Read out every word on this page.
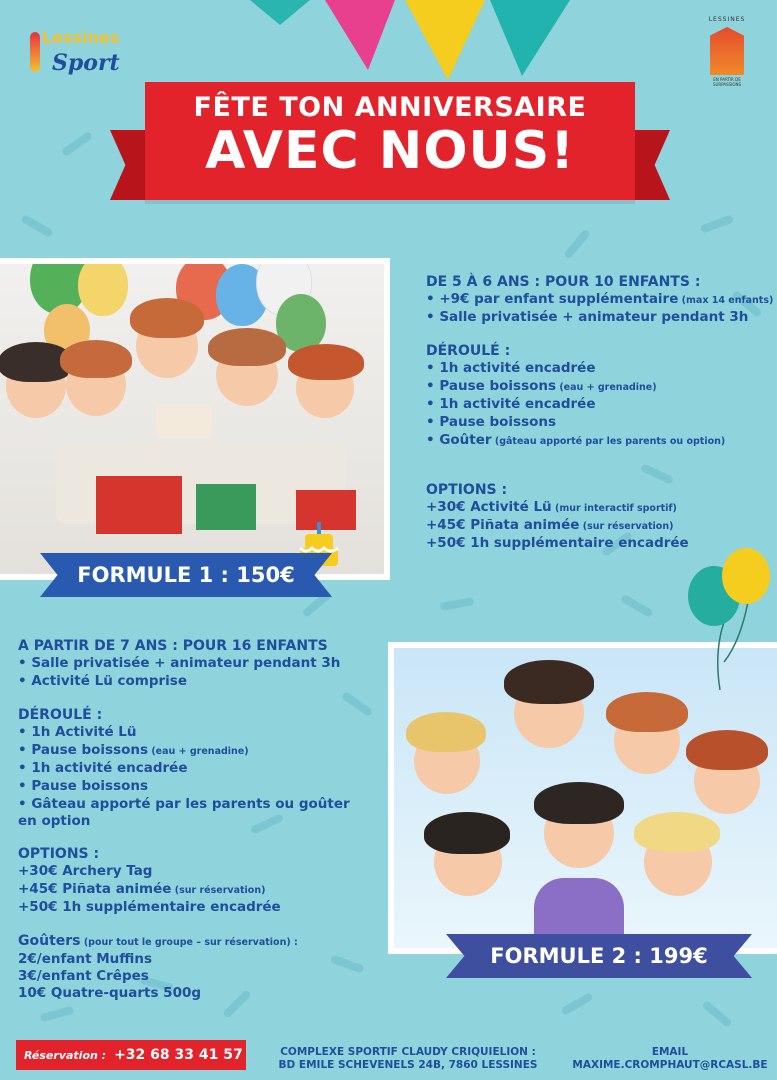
Lessines
Sport
LESSINES
EN PARTIR DE SURPASSIONS
FÊTE TON ANNIVERSAIRE
AVEC NOUS!
FORMULE 1 : 150€
FORMULE 2 : 199€
DE 5 À 6 ANS : POUR 10 ENFANTS :
• +9€ par enfant supplémentaire (max 14 enfants)
• Salle privatisée + animateur pendant 3h
DÉROULÉ :
• 1h activité encadrée
• Pause boissons (eau + grenadine)
• 1h activité encadrée
• Pause boissons
• Goûter (gâteau apporté par les parents ou option)
OPTIONS :
+30€ Activité Lü (mur interactif sportif)
+45€ Piñata animée (sur réservation)
+50€ 1h supplémentaire encadrée
A PARTIR DE 7 ANS : POUR 16 ENFANTS
• Salle privatisée + animateur pendant 3h
• Activité Lü comprise
DÉROULÉ :
• 1h Activité Lü
• Pause boissons (eau + grenadine)
• 1h activité encadrée
• Pause boissons
• Gâteau apporté par les parents ou goûter en option
OPTIONS :
+30€ Archery Tag
+45€ Piñata animée (sur réservation)
+50€ 1h supplémentaire encadrée
Goûters (pour tout le groupe – sur réservation) :
2€/enfant Muffins
3€/enfant Crêpes
10€ Quatre-quarts 500g
Réservation : +32 68 33 41 57	COMPLEXE SPORTIF CLAUDY CRIQUIELION :
BD EMILE SCHEVENELS 24B, 7860 LESSINES
EMAIL
MAXIME.CROMPHAUT@RCASL.BE
